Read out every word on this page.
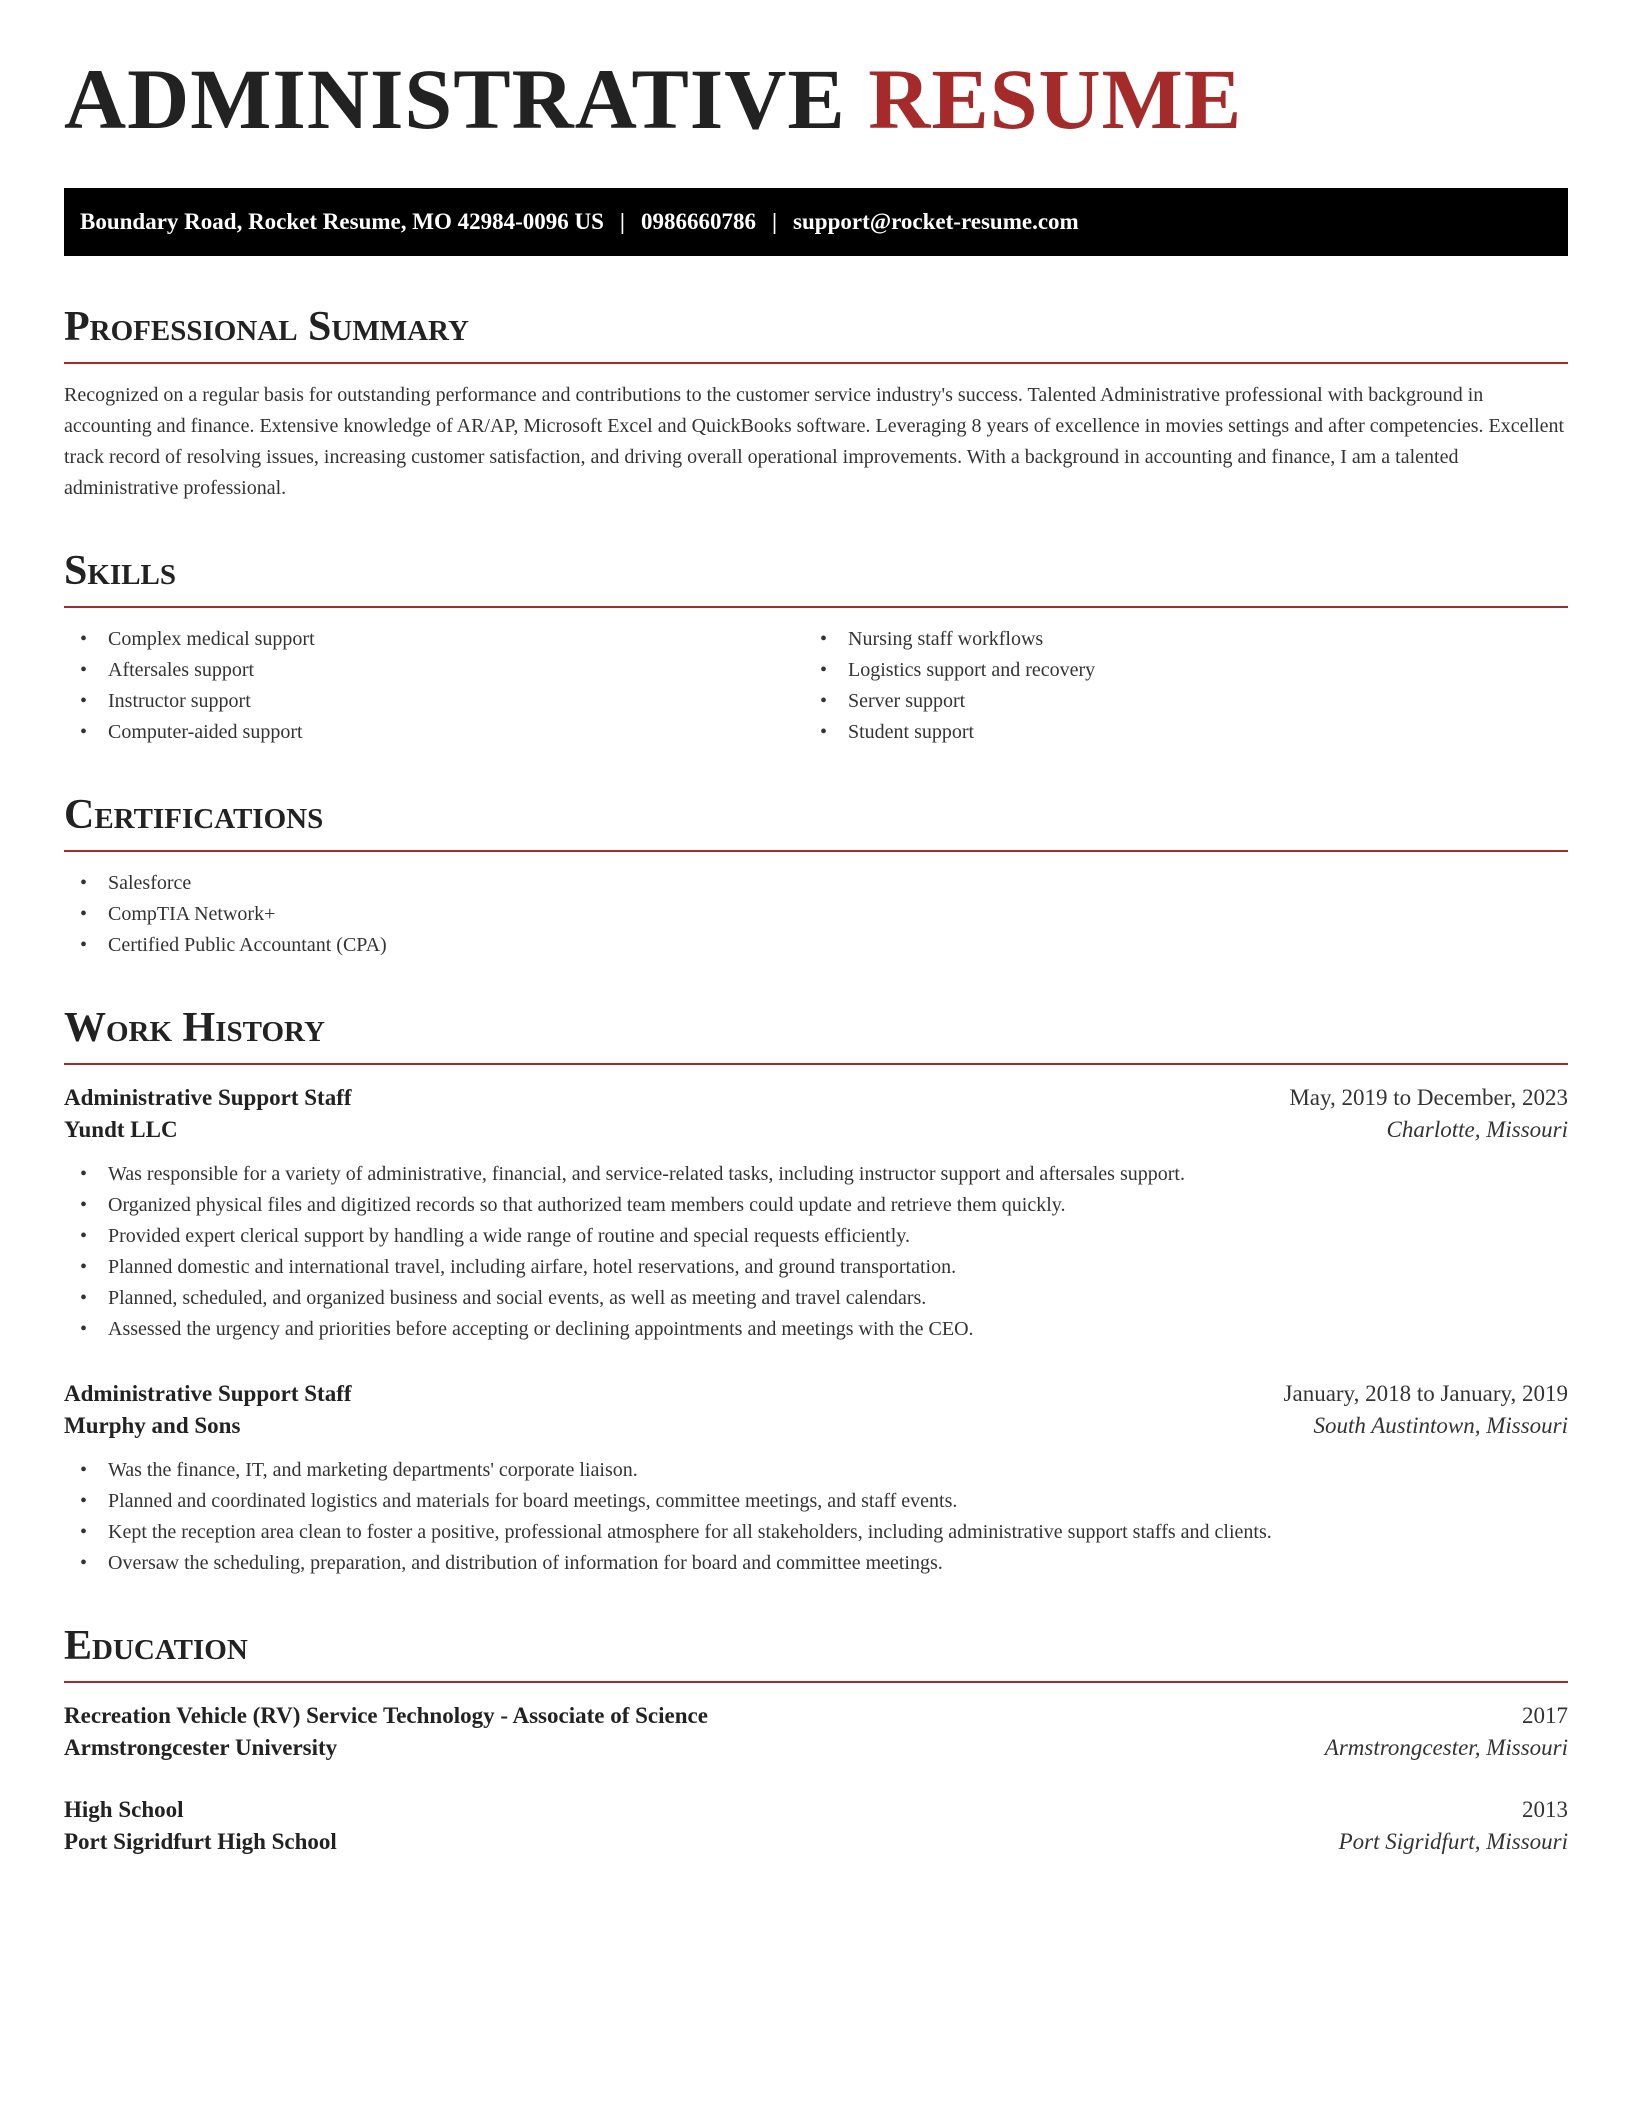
ADMINISTRATIVE RESUME
Boundary Road, Rocket Resume, MO 42984-0096 US | 0986660786 | support@rocket-resume.com
Professional Summary

Recognized on a regular basis for outstanding performance and contributions to the customer service industry's success. Talented Administrative professional with background in accounting and finance. Extensive knowledge of AR/AP, Microsoft Excel and QuickBooks software. Leveraging 8 years of excellence in movies settings and after competencies. Excellent track record of resolving issues, increasing customer satisfaction, and driving overall operational improvements. With a background in accounting and finance, I am a talented administrative professional.

Skills
• Complex medical support
• Aftersales support
• Instructor support
• Computer-aided support
• Nursing staff workflows
• Logistics support and recovery
• Server support
• Student support
Certifications
• Salesforce
• CompTIA Network+
• Certified Public Accountant (CPA)
Work History
Administrative Support Staff	May, 2019 to December, 2023
Yundt LLC	Charlotte, Missouri
• Was responsible for a variety of administrative, financial, and service-related tasks, including instructor support and aftersales support.
• Organized physical files and digitized records so that authorized team members could update and retrieve them quickly.
• Provided expert clerical support by handling a wide range of routine and special requests efficiently.
• Planned domestic and international travel, including airfare, hotel reservations, and ground transportation.
• Planned, scheduled, and organized business and social events, as well as meeting and travel calendars.
• Assessed the urgency and priorities before accepting or declining appointments and meetings with the CEO.
Administrative Support Staff	January, 2018 to January, 2019
Murphy and Sons	South Austintown, Missouri
• Was the finance, IT, and marketing departments' corporate liaison.
• Planned and coordinated logistics and materials for board meetings, committee meetings, and staff events.
• Kept the reception area clean to foster a positive, professional atmosphere for all stakeholders, including administrative support staffs and clients.
• Oversaw the scheduling, preparation, and distribution of information for board and committee meetings.
Education
Recreation Vehicle (RV) Service Technology - Associate of Science	2017
Armstrongcester University	Armstrongcester, Missouri
High School	2013
Port Sigridfurt High School	Port Sigridfurt, Missouri
